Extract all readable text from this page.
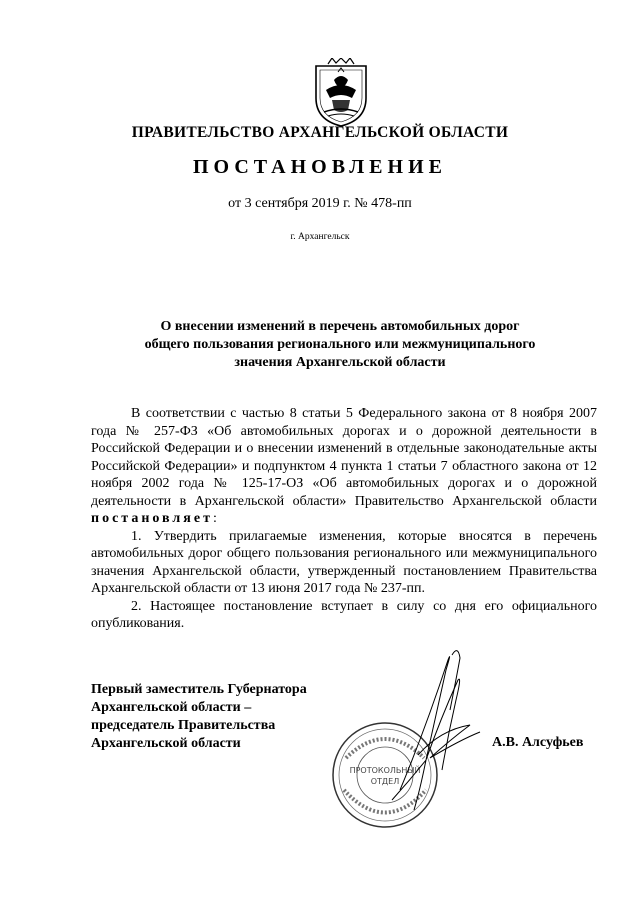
ПРАВИТЕЛЬСТВО АРХАНГЕЛЬСКОЙ ОБЛАСТИ
ПОСТАНОВЛЕНИЕ
от 3 сентября 2019 г. № 478-пп
г. Архангельск
О внесении изменений в перечень автомобильных дорог
общего пользования регионального или межмуниципального
значения Архангельской области

В соответствии с частью 8 статьи 5 Федерального закона от 8 ноября 2007 года № 257-ФЗ «Об автомобильных дорогах и о дорожной деятельности в Российской Федерации и о внесении изменений в отдельные законодательные акты Российской Федерации» и подпунктом 4 пункта 1 статьи 7 областного закона от 12 ноября 2002 года № 125-17-ОЗ «Об автомобильных дорогах и о дорожной деятельности в Архангельской области» Правительство Архангельской области постановляет:

1. Утвердить прилагаемые изменения, которые вносятся в перечень автомобильных дорог общего пользования регионального или межмуниципального значения Архангельской области, утвержденный постановлением Правительства Архангельской области от 13 июня 2017 года № 237-пп.

2. Настоящее постановление вступает в силу со дня его официального опубликования.

ПРОТОКОЛЬНЫЙ
ОТДЕЛ
Первый заместитель Губернатора
Архангельской области –
председатель Правительства
Архангельской области	А.В. Алсуфьев
